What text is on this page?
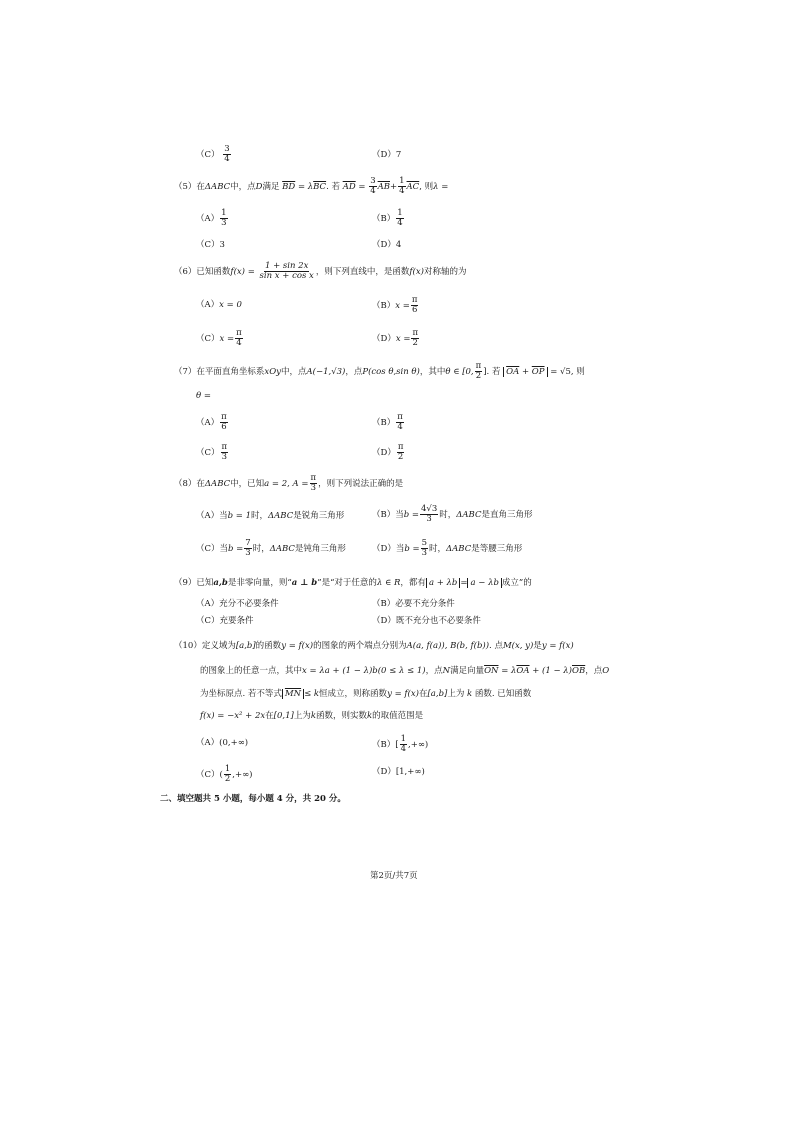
$(C) \frac{3}{4}$	（D）7
（5）在ΔABC中，点D满足 $\overline{BD} = \lambda\overline{BC}$. 若 $\overline{AD} = \frac{3}{4} \overline{AB}+ \frac{1}{4} \overline{AC}$, 则λ =
$(A) \frac{1}{3}$	$(B) \frac{1}{4}$
（C）3	（D）4
（6）已知函数$f(x) = \frac{1 + \sin 2x}{\text{sin x + cos x}}$ ，则下列直线中，是函数f(x)对称轴的为
（A）x = 0	$(B)x = \frac{\pi}{6}$
$(C)x = \frac{\pi}{4}$	$(D)x = \frac{\pi}{2}$
（7）在平面直角坐标系xOy中，点A(−1,√3)，点P(cos θ,sin θ)，其中θ ∈ [0, $\frac{\pi}{2}$ ]. 若 $\overline{OA} + \overline{OP} = √5$, 则
θ =
$(A) \frac{\pi}{6}$	$(B) \frac{\pi}{4}$
$(C) \frac{\pi}{3}$	$(D) \frac{\pi}{2}$
（8）在ΔABC中，已知a = 2, $A = \frac{\pi}{3}$ ，则下列说法正确的是
（A）当b = 1时，ΔABC是锐角三角形	（B）当$b = \frac{4√3}{3}$ 时，ΔABC是直角三角形
（C）当$b = \frac{7}{3}$ 时，ΔABC是钝角三角形	（D）当$b = \frac{5}{3}$ 时，ΔABC是等腰三角形
（9）已知a,b是非零向量，则“a ⊥ b”是“对于任意的λ ∈ R，都有 a + λb = a − λb 成立”的
（A）充分不必要条件	（B）必要不充分条件
（C）充要条件	（D）既不充分也不必要条件
（10）定义域为[a,b]的函数y = f(x)的图象的两个端点分别为A(a, f(a)), B(b, f(b)). 点M(x, y)是y = f(x)
的图象上的任意一点，其中x = λa + (1 − λ)b(0 ≤ λ ≤ 1)，点N满足向量$\overline{ON} = \lambda\overline{OA} + (1 - \lambda)\overline{OB}$，点O
为坐标原点. 若不等式 $\overline{MN} \le k$恒成立，则称函数y = f(x)在[a,b]上为 k 函数. 已知函数
f(x) = −x² + 2x在[0,1]上为k函数，则实数k的取值范围是
（A）(0,+∞)	$(B)[ \frac{1}{4}$ ,+∞)
$(C)( \frac{1}{2}$ ,+∞)	（D）[1,+∞)
二、填空题共 5 小题，每小题 4 分，共 20 分。
第2页/共7页
